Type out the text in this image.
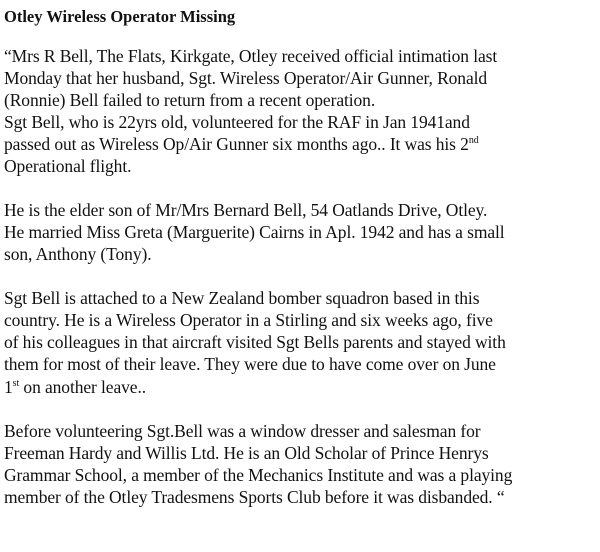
Otley Wireless Operator Missing
“Mrs R Bell, The Flats, Kirkgate, Otley received official intimation last
Monday that her husband, Sgt. Wireless Operator/Air Gunner, Ronald
(Ronnie) Bell failed to return from a recent operation.
Sgt Bell, who is 22yrs old, volunteered for the RAF in Jan 1941and
passed out as Wireless Op/Air Gunner six months ago.. It was his 2nd
Operational flight.
He is the elder son of Mr/Mrs Bernard Bell, 54 Oatlands Drive, Otley.
He married Miss Greta (Marguerite) Cairns in Apl. 1942 and has a small
son, Anthony (Tony).
Sgt Bell is attached to a New Zealand bomber squadron based in this
country. He is a Wireless Operator in a Stirling and six weeks ago, five
of his colleagues in that aircraft visited Sgt Bells parents and stayed with
them for most of their leave. They were due to have come over on June
1st on another leave..
Before volunteering Sgt.Bell was a window dresser and salesman for
Freeman Hardy and Willis Ltd. He is an Old Scholar of Prince Henrys
Grammar School, a member of the Mechanics Institute and was a playing
member of the Otley Tradesmens Sports Club before it was disbanded. “
